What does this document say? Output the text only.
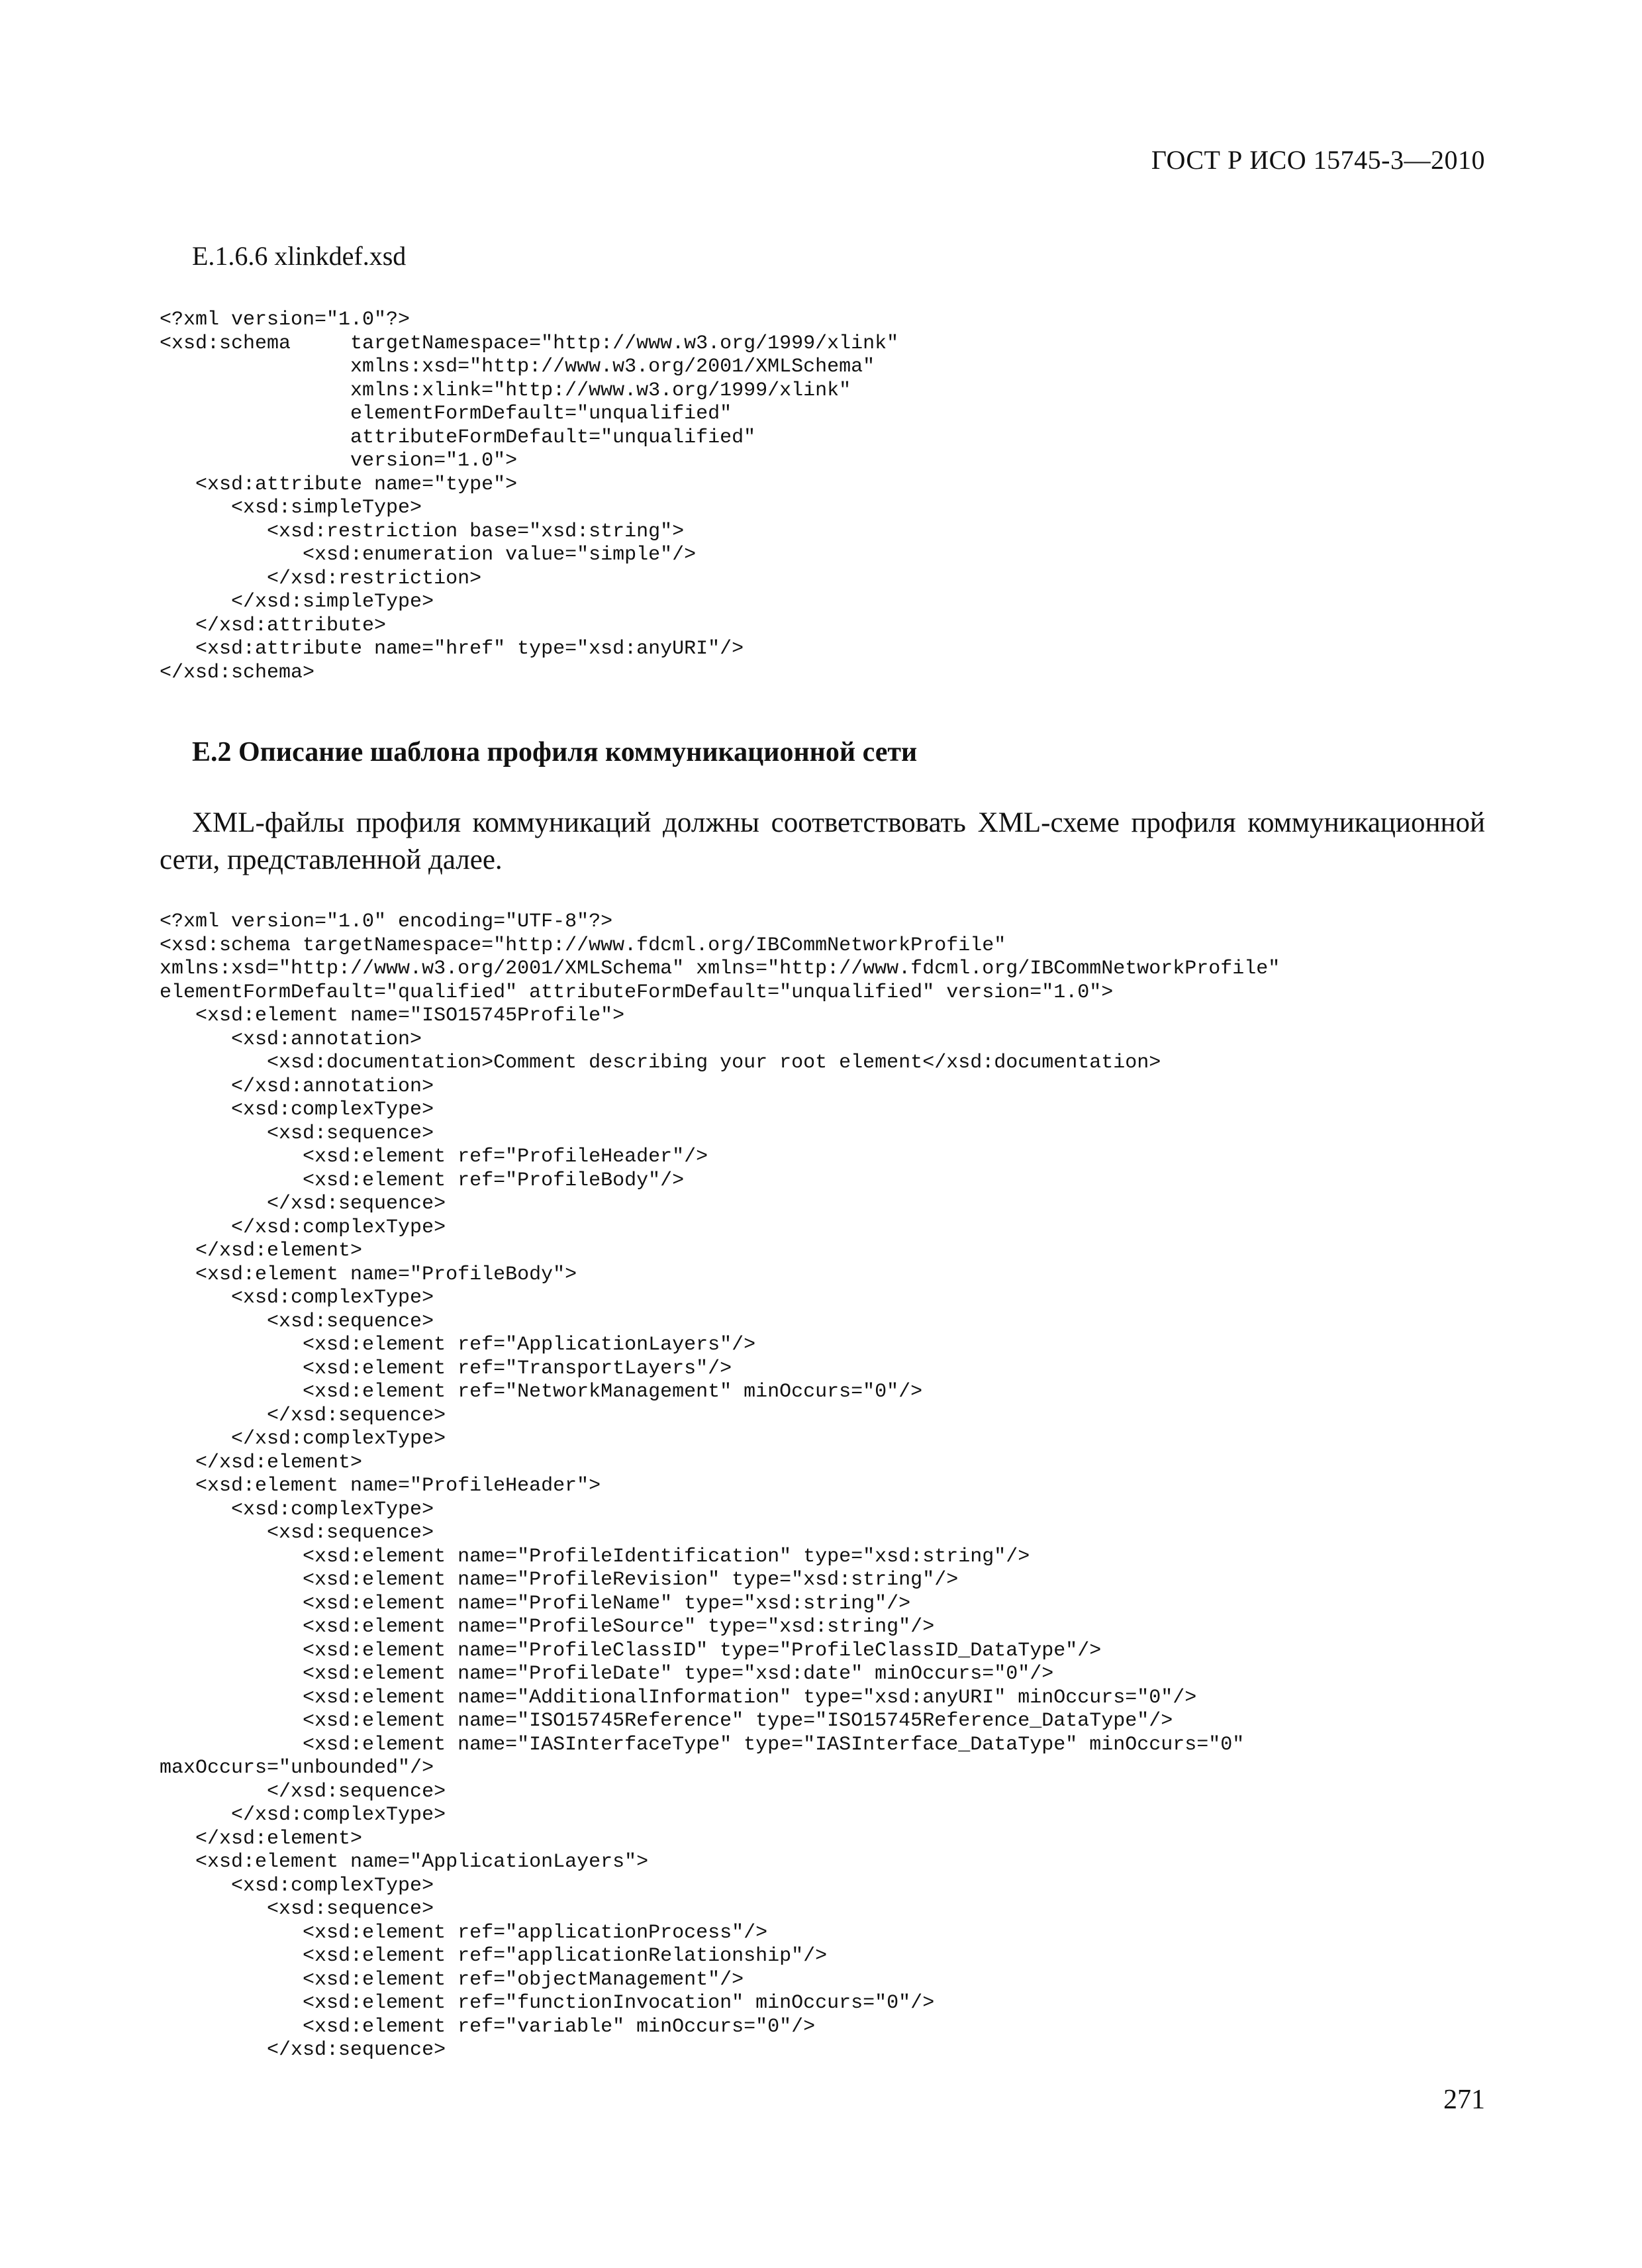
ГОСТ Р ИСО 15745-3—2010
E.1.6.6 xlinkdef.xsd
<?xml version="1.0"?>
<xsd:schema     targetNamespace="http://www.w3.org/1999/xlink"
xmlns:xsd="http://www.w3.org/2001/XMLSchema"
xmlns:xlink="http://www.w3.org/1999/xlink"
elementFormDefault="unqualified"
attributeFormDefault="unqualified"
version="1.0">
<xsd:attribute name="type">
<xsd:simpleType>
<xsd:restriction base="xsd:string">
<xsd:enumeration value="simple"/>
</xsd:restriction>
</xsd:simpleType>
</xsd:attribute>
<xsd:attribute name="href" type="xsd:anyURI"/>
</xsd:schema>
E.2 Описание шаблона профиля коммуникационной сети
XML-файлы профиля коммуникаций должны соответствовать XML-схеме профиля коммуникационной
сети, представленной далее.
<?xml version="1.0" encoding="UTF-8"?>
<xsd:schema targetNamespace="http://www.fdcml.org/IBCommNetworkProfile"
xmlns:xsd="http://www.w3.org/2001/XMLSchema" xmlns="http://www.fdcml.org/IBCommNetworkProfile"
elementFormDefault="qualified" attributeFormDefault="unqualified" version="1.0">
<xsd:element name="ISO15745Profile">
<xsd:annotation>
<xsd:documentation>Comment describing your root element</xsd:documentation>
</xsd:annotation>
<xsd:complexType>
<xsd:sequence>
<xsd:element ref="ProfileHeader"/>
<xsd:element ref="ProfileBody"/>
</xsd:sequence>
</xsd:complexType>
</xsd:element>
<xsd:element name="ProfileBody">
<xsd:complexType>
<xsd:sequence>
<xsd:element ref="ApplicationLayers"/>
<xsd:element ref="TransportLayers"/>
<xsd:element ref="NetworkManagement" minOccurs="0"/>
</xsd:sequence>
</xsd:complexType>
</xsd:element>
<xsd:element name="ProfileHeader">
<xsd:complexType>
<xsd:sequence>
<xsd:element name="ProfileIdentification" type="xsd:string"/>
<xsd:element name="ProfileRevision" type="xsd:string"/>
<xsd:element name="ProfileName" type="xsd:string"/>
<xsd:element name="ProfileSource" type="xsd:string"/>
<xsd:element name="ProfileClassID" type="ProfileClassID_DataType"/>
<xsd:element name="ProfileDate" type="xsd:date" minOccurs="0"/>
<xsd:element name="AdditionalInformation" type="xsd:anyURI" minOccurs="0"/>
<xsd:element name="ISO15745Reference" type="ISO15745Reference_DataType"/>
<xsd:element name="IASInterfaceType" type="IASInterface_DataType" minOccurs="0"
maxOccurs="unbounded"/>
</xsd:sequence>
</xsd:complexType>
</xsd:element>
<xsd:element name="ApplicationLayers">
<xsd:complexType>
<xsd:sequence>
<xsd:element ref="applicationProcess"/>
<xsd:element ref="applicationRelationship"/>
<xsd:element ref="objectManagement"/>
<xsd:element ref="functionInvocation" minOccurs="0"/>
<xsd:element ref="variable" minOccurs="0"/>
</xsd:sequence>
271
